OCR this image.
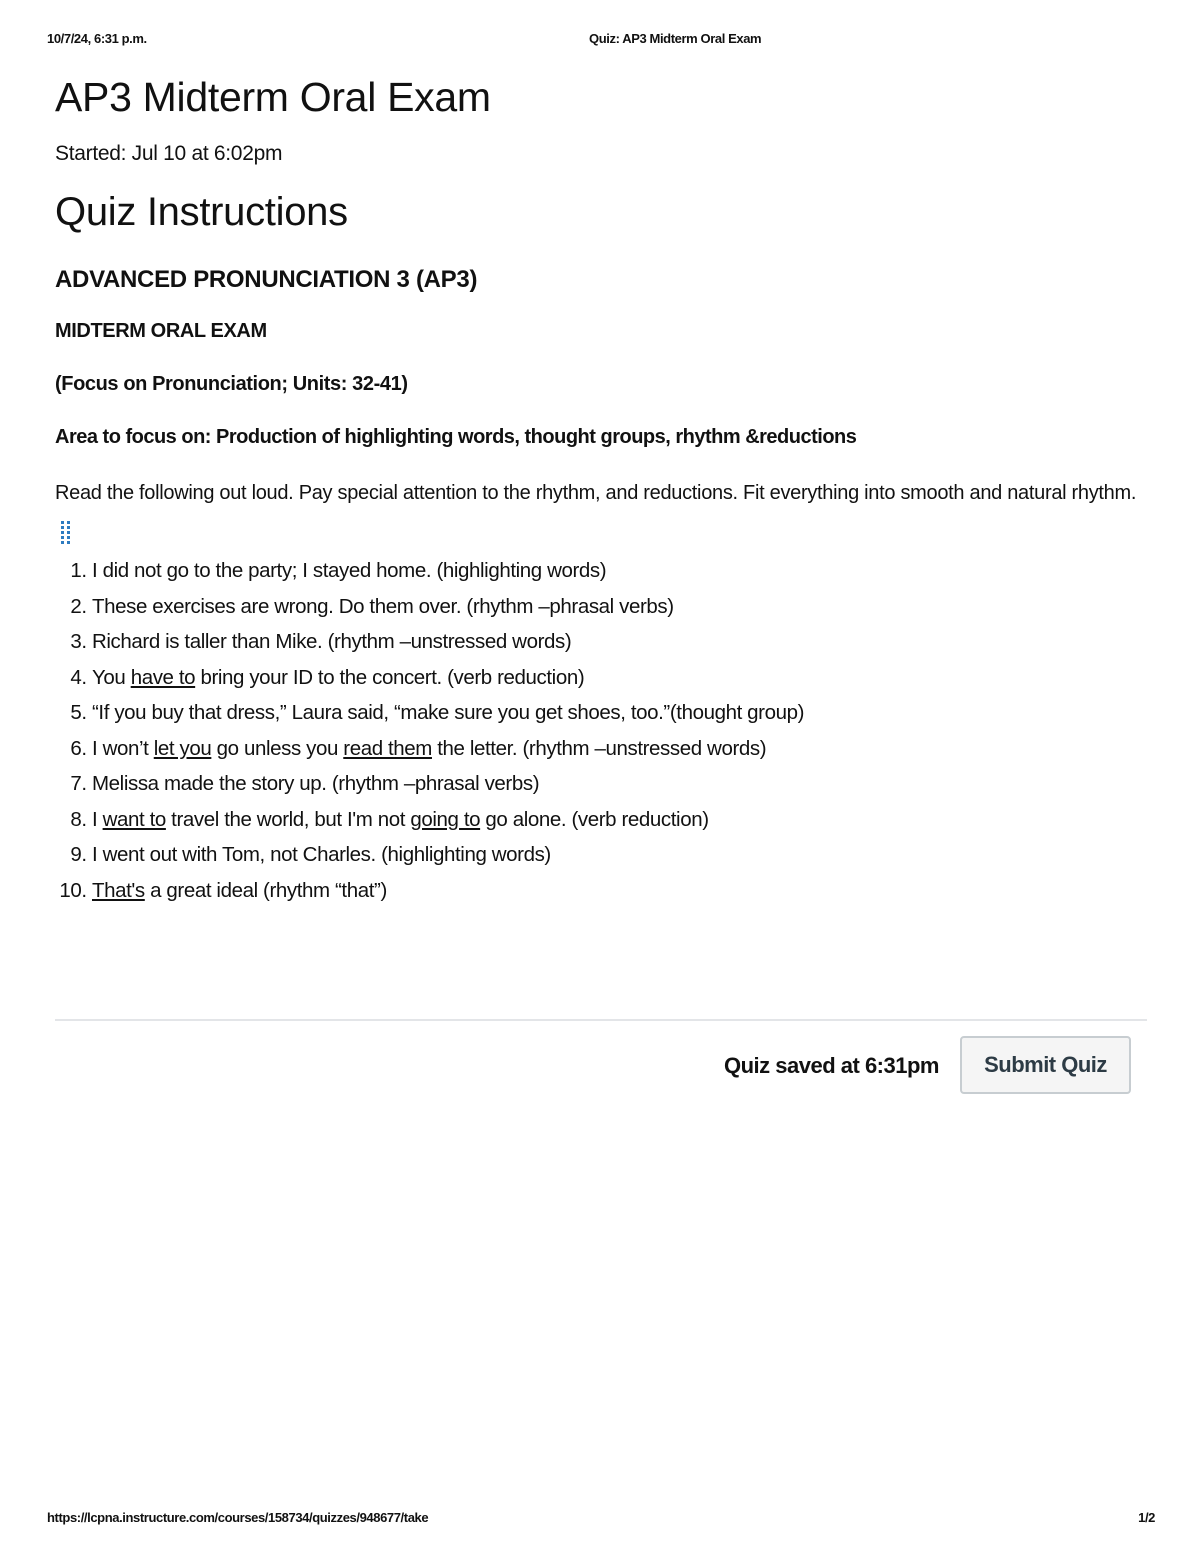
10/7/24, 6:31 p.m.	Quiz: AP3 Midterm Oral Exam
AP3 Midterm Oral Exam
Started: Jul 10 at 6:02pm
Quiz Instructions
ADVANCED PRONUNCIATION 3 (AP3)
MIDTERM ORAL EXAM
(Focus on Pronunciation; Units: 32-41)
Area to focus on: Production of highlighting words, thought groups, rhythm &reductions
Read the following out loud. Pay special attention to the rhythm, and reductions. Fit everything into smooth and natural rhythm.
1. I did not go to the party; I stayed home. (highlighting words)
2. These exercises are wrong. Do them over. (rhythm –phrasal verbs)
3. Richard is taller than Mike. (rhythm –unstressed words)
4. You have to bring your ID to the concert. (verb reduction)
5. “If you buy that dress,” Laura said, “make sure you get shoes, too.”(thought group)
6. I won’t let you go unless you read them the letter. (rhythm –unstressed words)
7. Melissa made the story up. (rhythm –phrasal verbs)
8. I want to travel the world, but I'm not going to go alone. (verb reduction)
9. I went out with Tom, not Charles. (highlighting words)
10. That's a great ideal (rhythm “that”)
Quiz saved at 6:31pm	Submit Quiz
https://lcpna.instructure.com/courses/158734/quizzes/948677/take	1/2
